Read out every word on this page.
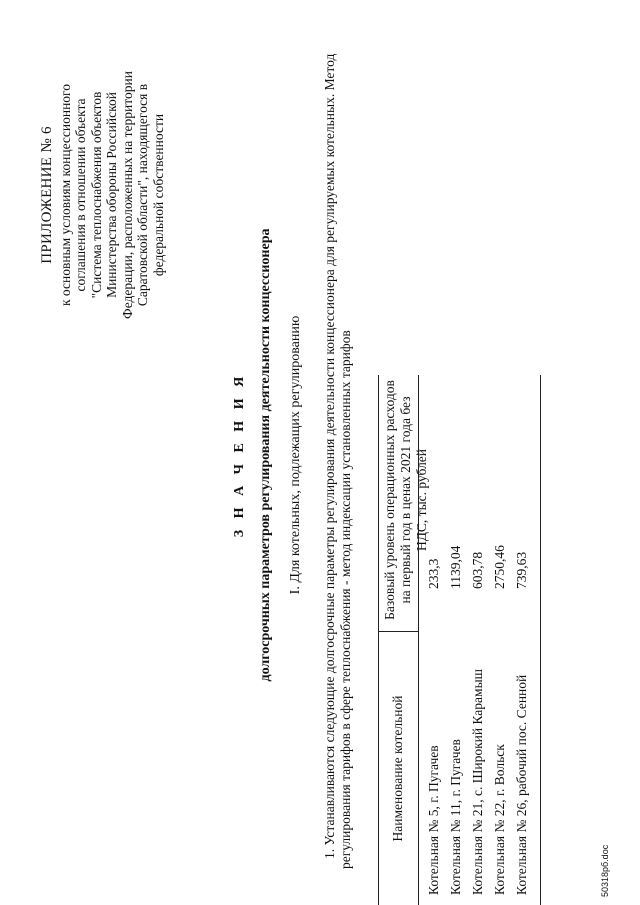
ПРИЛОЖЕНИЕ № 6 к основным условиям концессионного соглашения в отношении объекта "Система теплоснабжения объектов Министерства обороны Российской Федерации, расположенных на территории Саратовской области", находящегося в федеральной собственности
З Н А Ч Е Н И Я долгосрочных параметров регулирования деятельности концессионера I. Для котельных, подлежащих регулированию 1. Устанавливаются следующие долгосрочные параметры регулирования деятельности концессионера для регулируемых котельных. Метод регулирования тарифов в сфере теплоснабжения - метод индексации установленных тарифов	Наименование котельной
Базовый уровень операционных расходов на первый год в ценах 2021 года без НДС, тыс. рублей
Котельная № 5, г. Пугачев
233,3
Котельная № 11, г. Пугачев
1139,04
Котельная № 21, с. Широкий Карамыш
603,78
Котельная № 22, г. Вольск
2750,46
Котельная № 26, рабочий пос. Сенной
739,63
50318рб.doc
